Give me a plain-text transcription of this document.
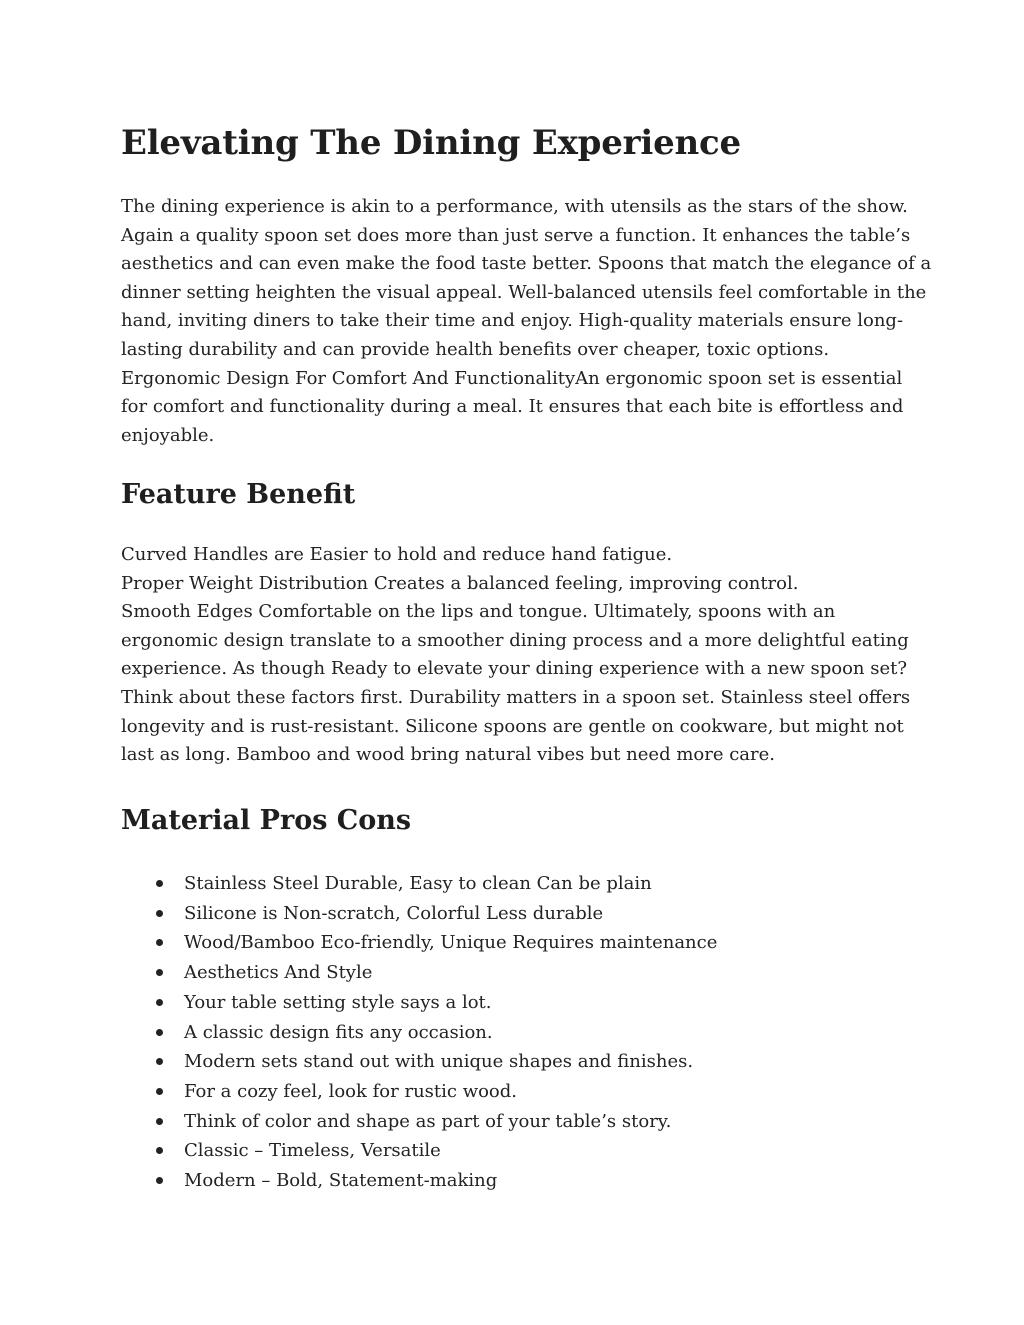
Elevating The Dining Experience
The dining experience is akin to a performance, with utensils as the stars of the show.
Again a quality spoon set does more than just serve a function. It enhances the table’s
aesthetics and can even make the food taste better. Spoons that match the elegance of a
dinner setting heighten the visual appeal. Well-balanced utensils feel comfortable in the
hand, inviting diners to take their time and enjoy. High-quality materials ensure long-
lasting durability and can provide health benefits over cheaper, toxic options.
Ergonomic Design For Comfort And FunctionalityAn ergonomic spoon set is essential
for comfort and functionality during a meal. It ensures that each bite is effortless and
enjoyable.
Feature Benefit
Curved Handles are Easier to hold and reduce hand fatigue.
Proper Weight Distribution Creates a balanced feeling, improving control.
Smooth Edges Comfortable on the lips and tongue. Ultimately, spoons with an
ergonomic design translate to a smoother dining process and a more delightful eating
experience. As though Ready to elevate your dining experience with a new spoon set?
Think about these factors first. Durability matters in a spoon set. Stainless steel offers
longevity and is rust-resistant. Silicone spoons are gentle on cookware, but might not
last as long. Bamboo and wood bring natural vibes but need more care.
Material Pros Cons
Stainless Steel Durable, Easy to clean Can be plain
Silicone is Non-scratch, Colorful Less durable
Wood/Bamboo Eco-friendly, Unique Requires maintenance
Aesthetics And Style
Your table setting style says a lot.
A classic design fits any occasion.
Modern sets stand out with unique shapes and finishes.
For a cozy feel, look for rustic wood.
Think of color and shape as part of your table’s story.
Classic – Timeless, Versatile
Modern – Bold, Statement-making
